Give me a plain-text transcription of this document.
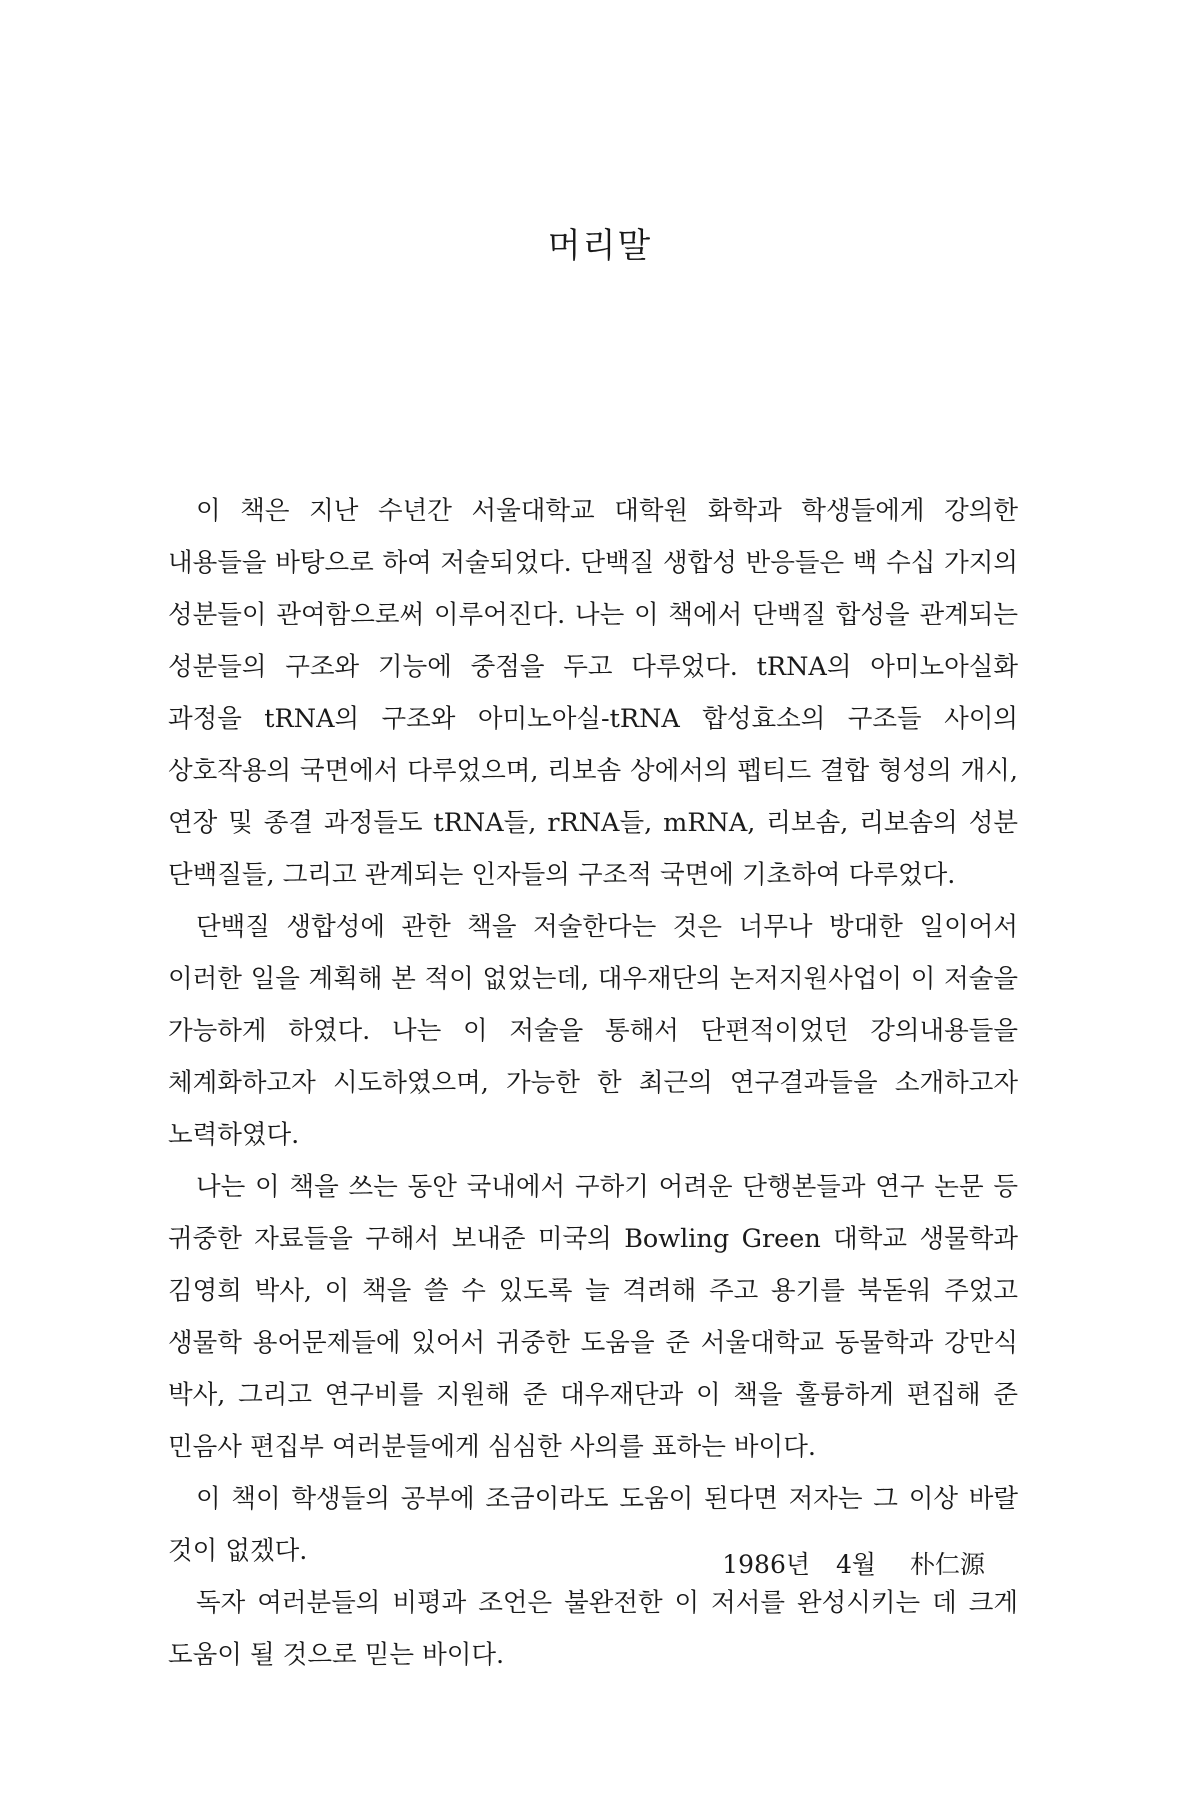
머리말

이 책은 지난 수년간 서울대학교 대학원 화학과 학생들에게 강의한 내용들을 바탕으로 하여 저술되었다. 단백질 생합성 반응들은 백 수십 가지의 성분들이 관여함으로써 이루어진다. 나는 이 책에서 단백질 합성을 관계되는 성분들의 구조와 기능에 중점을 두고 다루었다. tRNA의 아미노아실화 과정을 tRNA의 구조와 아미노아실-tRNA 합성효소의 구조들 사이의 상호작용의 국면에서 다루었으며, 리보솜 상에서의 펩티드 결합 형성의 개시, 연장 및 종결 과정들도 tRNA들, rRNA들, mRNA, 리보솜, 리보솜의 성분 단백질들, 그리고 관계되는 인자들의 구조적 국면에 기초하여 다루었다.

단백질 생합성에 관한 책을 저술한다는 것은 너무나 방대한 일이어서 이러한 일을 계획해 본 적이 없었는데, 대우재단의 논저지원사업이 이 저술을 가능하게 하였다. 나는 이 저술을 통해서 단편적이었던 강의내용들을 체계화하고자 시도하였으며, 가능한 한 최근의 연구결과들을 소개하고자 노력하였다.

나는 이 책을 쓰는 동안 국내에서 구하기 어려운 단행본들과 연구 논문 등 귀중한 자료들을 구해서 보내준 미국의 Bowling Green 대학교 생물학과 김영희 박사, 이 책을 쓸 수 있도록 늘 격려해 주고 용기를 북돋워 주었고 생물학 용어문제들에 있어서 귀중한 도움을 준 서울대학교 동물학과 강만식 박사, 그리고 연구비를 지원해 준 대우재단과 이 책을 훌륭하게 편집해 준 민음사 편집부 여러분들에게 심심한 사의를 표하는 바이다.

이 책이 학생들의 공부에 조금이라도 도움이 된다면 저자는 그 이상 바랄 것이 없겠다.

독자 여러분들의 비평과 조언은 불완전한 이 저서를 완성시키는 데 크게 도움이 될 것으로 믿는 바이다.

1986년 4월 朴仁源
